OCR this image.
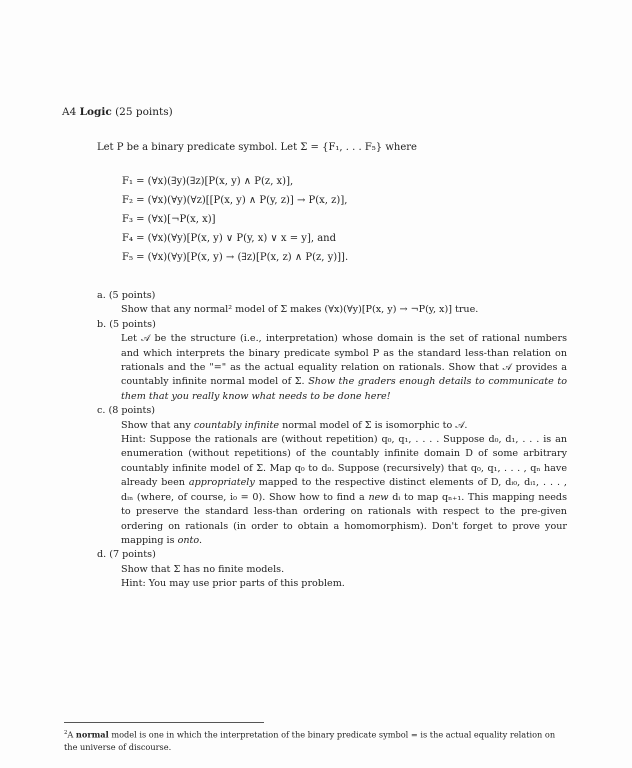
A4 Logic (25 points)
Let P be a binary predicate symbol. Let Σ = {F₁, . . . F₅} where
F₁ = (∀x)(∃y)(∃z)[P(x, y) ∧ P(z, x)],
F₂ = (∀x)(∀y)(∀z)[[P(x, y) ∧ P(y, z)] → P(x, z)],
F₃ = (∀x)[¬P(x, x)]
F₄ = (∀x)(∀y)[P(x, y) ∨ P(y, x) ∨ x = y], and
F₅ = (∀x)(∀y)[P(x, y) → (∃z)[P(x, z) ∧ P(z, y)]].
a. (5 points)

Show that any normal² model of Σ makes (∀x)(∀y)[P(x, y) → ¬P(y, x)] true.

b. (5 points)

Let 𝒜 be the structure (i.e., interpretation) whose domain is the set of rational numbers and which interprets the binary predicate symbol P as the standard less-than relation on rationals and the "=" as the actual equality relation on rationals. Show that 𝒜 provides a countably infinite normal model of Σ. Show the graders enough details to communicate to them that you really know what needs to be done here!

c. (8 points)

Show that any countably infinite normal model of Σ is isomorphic to 𝒜.

Hint: Suppose the rationals are (without repetition) q₀, q₁, . . . . Suppose d₀, d₁, . . . is an enumeration (without repetitions) of the countably infinite domain D of some arbitrary countably infinite model of Σ. Map q₀ to d₀. Suppose (recursively) that q₀, q₁, . . . , qₙ have already been appropriately mapped to the respective distinct elements of D, dᵢ₀, dᵢ₁, . . . , dᵢₙ (where, of course, i₀ = 0). Show how to find a new dᵢ to map qₙ₊₁. This mapping needs to preserve the standard less-than ordering on rationals with respect to the pre-given ordering on rationals (in order to obtain a homomorphism). Don't forget to prove your mapping is onto.

d. (7 points)

Show that Σ has no finite models.

Hint: You may use prior parts of this problem.

$^2$A normal model is one in which the interpretation of the binary predicate symbol = is the actual equality relation on the universe of discourse.
